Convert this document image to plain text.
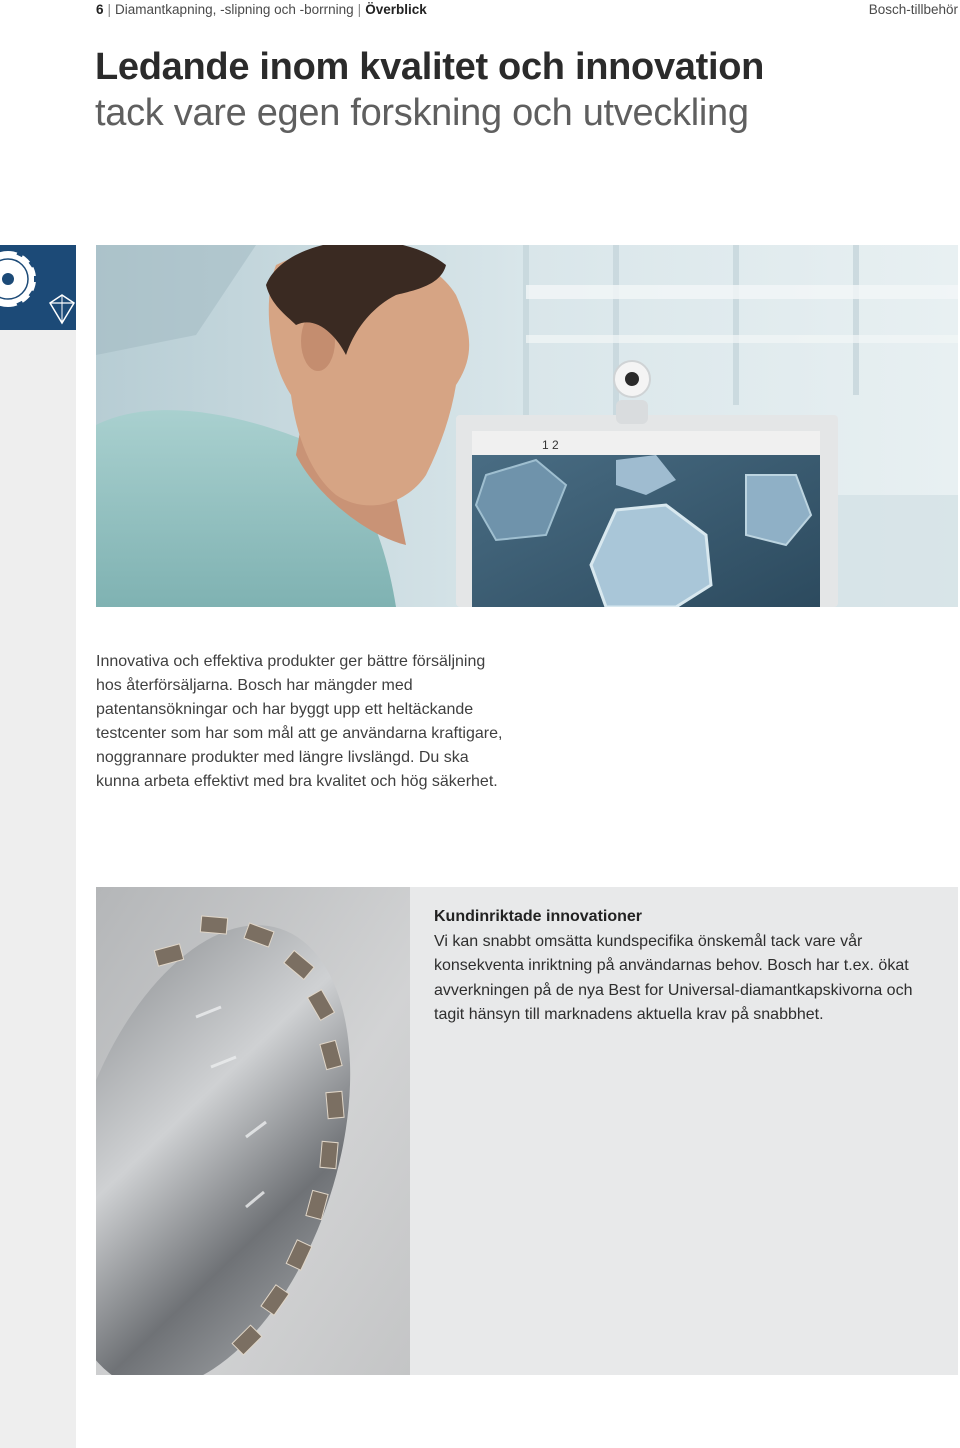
6 | Diamantkapning, -slipning och -borrning | Överblick	Bosch-tillbehör
Ledande inom kvalitet och innovation
tack vare egen forskning och utveckling
1 2
Innovativa och effektiva produkter ger bättre försäljning hos återförsäljarna. Bosch har mängder med patentansökningar och har byggt upp ett heltäckande testcenter som har som mål att ge användarna kraftigare, noggrannare produkter med längre livslängd. Du ska kunna arbeta effektivt med bra kvalitet och hög säkerhet.
Kundinriktade innovationer
Vi kan snabbt omsätta kundspecifika önskemål tack vare vår konsekventa inriktning på användarnas behov. Bosch har t.ex. ökat avverkningen på de nya Best for Universal-diamantkapskivorna och tagit hänsyn till marknadens aktuella krav på snabbhet.
